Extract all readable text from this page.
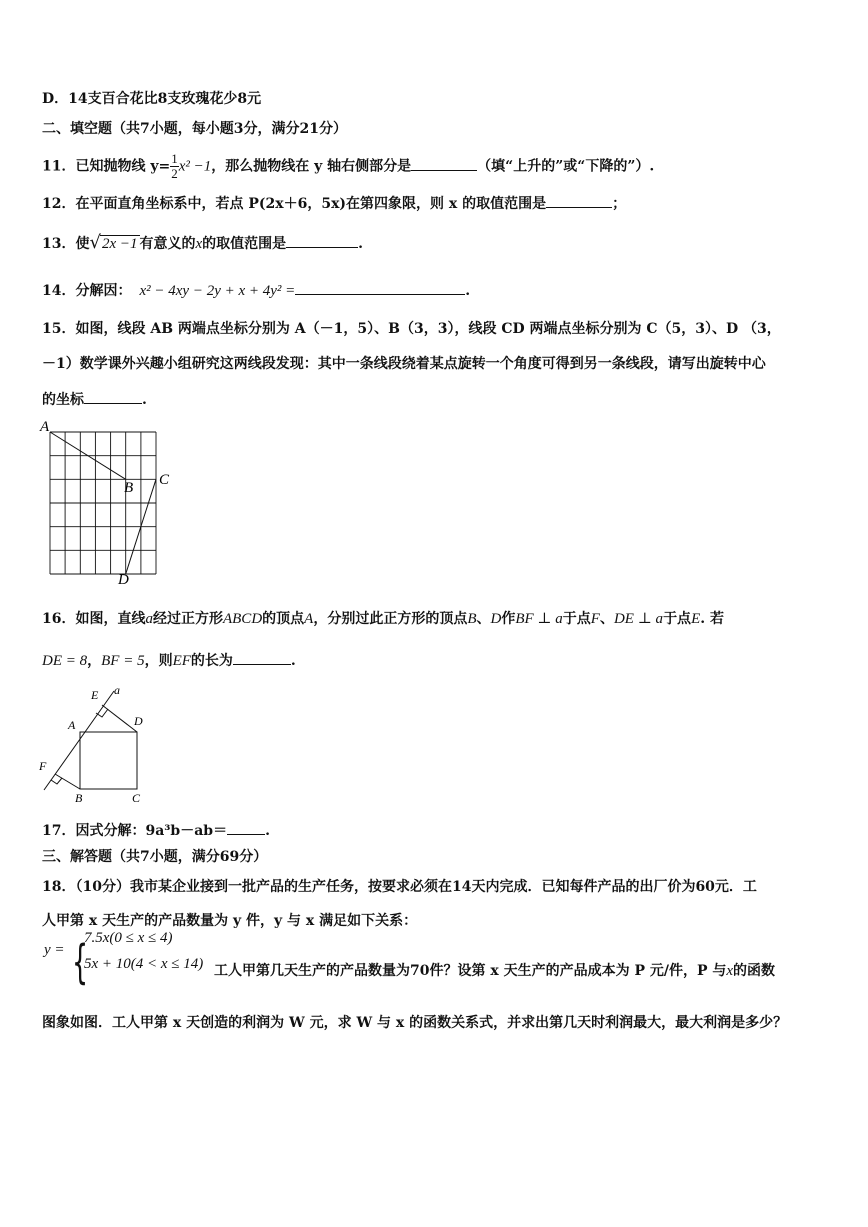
D．14支百合花比8支玫瑰花少8元
二、填空题（共7小题，每小题3分，满分21分）
11．已知抛物线 $y= \frac{1}{2} x^2 -1$，那么抛物线在 y 轴右侧部分是	（填“上升的”或“下降的”）.
12．在平面直角坐标系中，若点 P(2x＋6，5x)在第四象限，则 x 的取值范围是	；
13．使√2x −1 有意义的x的取值范围是	.
14．分解因： x² − 4xy − 2y + x + 4y² =	.
15．如图，线段 AB 两端点坐标分别为 A（－1，5）、B（3，3），线段 CD 两端点坐标分别为 C（5，3）、D （3，
－1）数学课外兴趣小组研究这两线段发现：其中一条线段绕着某点旋转一个角度可得到另一条线段，请写出旋转中心
的坐标	.
A
B C
D
16．如图，直线a经过正方形ABCD的顶点A，分别过此正方形的顶点B、D作BF ⊥ a于点F、DE ⊥ a于点E. 若
DE = 8，BF = 5，则EF的长为	.
E a
A	D
F
B	C
17．因式分解：9a³b－ab＝	.
三、解答题（共7小题，满分69分）
18．（10分）我市某企业接到一批产品的生产任务，按要求必须在14天内完成．已知每件产品的出厂价为60元．工
人甲第 x 天生产的产品数量为 y 件，y 与 x 满足如下关系：
y = {
7.5x(0 ≤ x ≤ 4)
5x + 10(4 < x ≤ 14) 工人甲第几天生产的产品数量为70件？设第 x 天生产的产品成本为 P 元/件，P 与x的函数
图象如图．工人甲第 x 天创造的利润为 W 元，求 W 与 x 的函数关系式，并求出第几天时利润最大，最大利润是多少？
